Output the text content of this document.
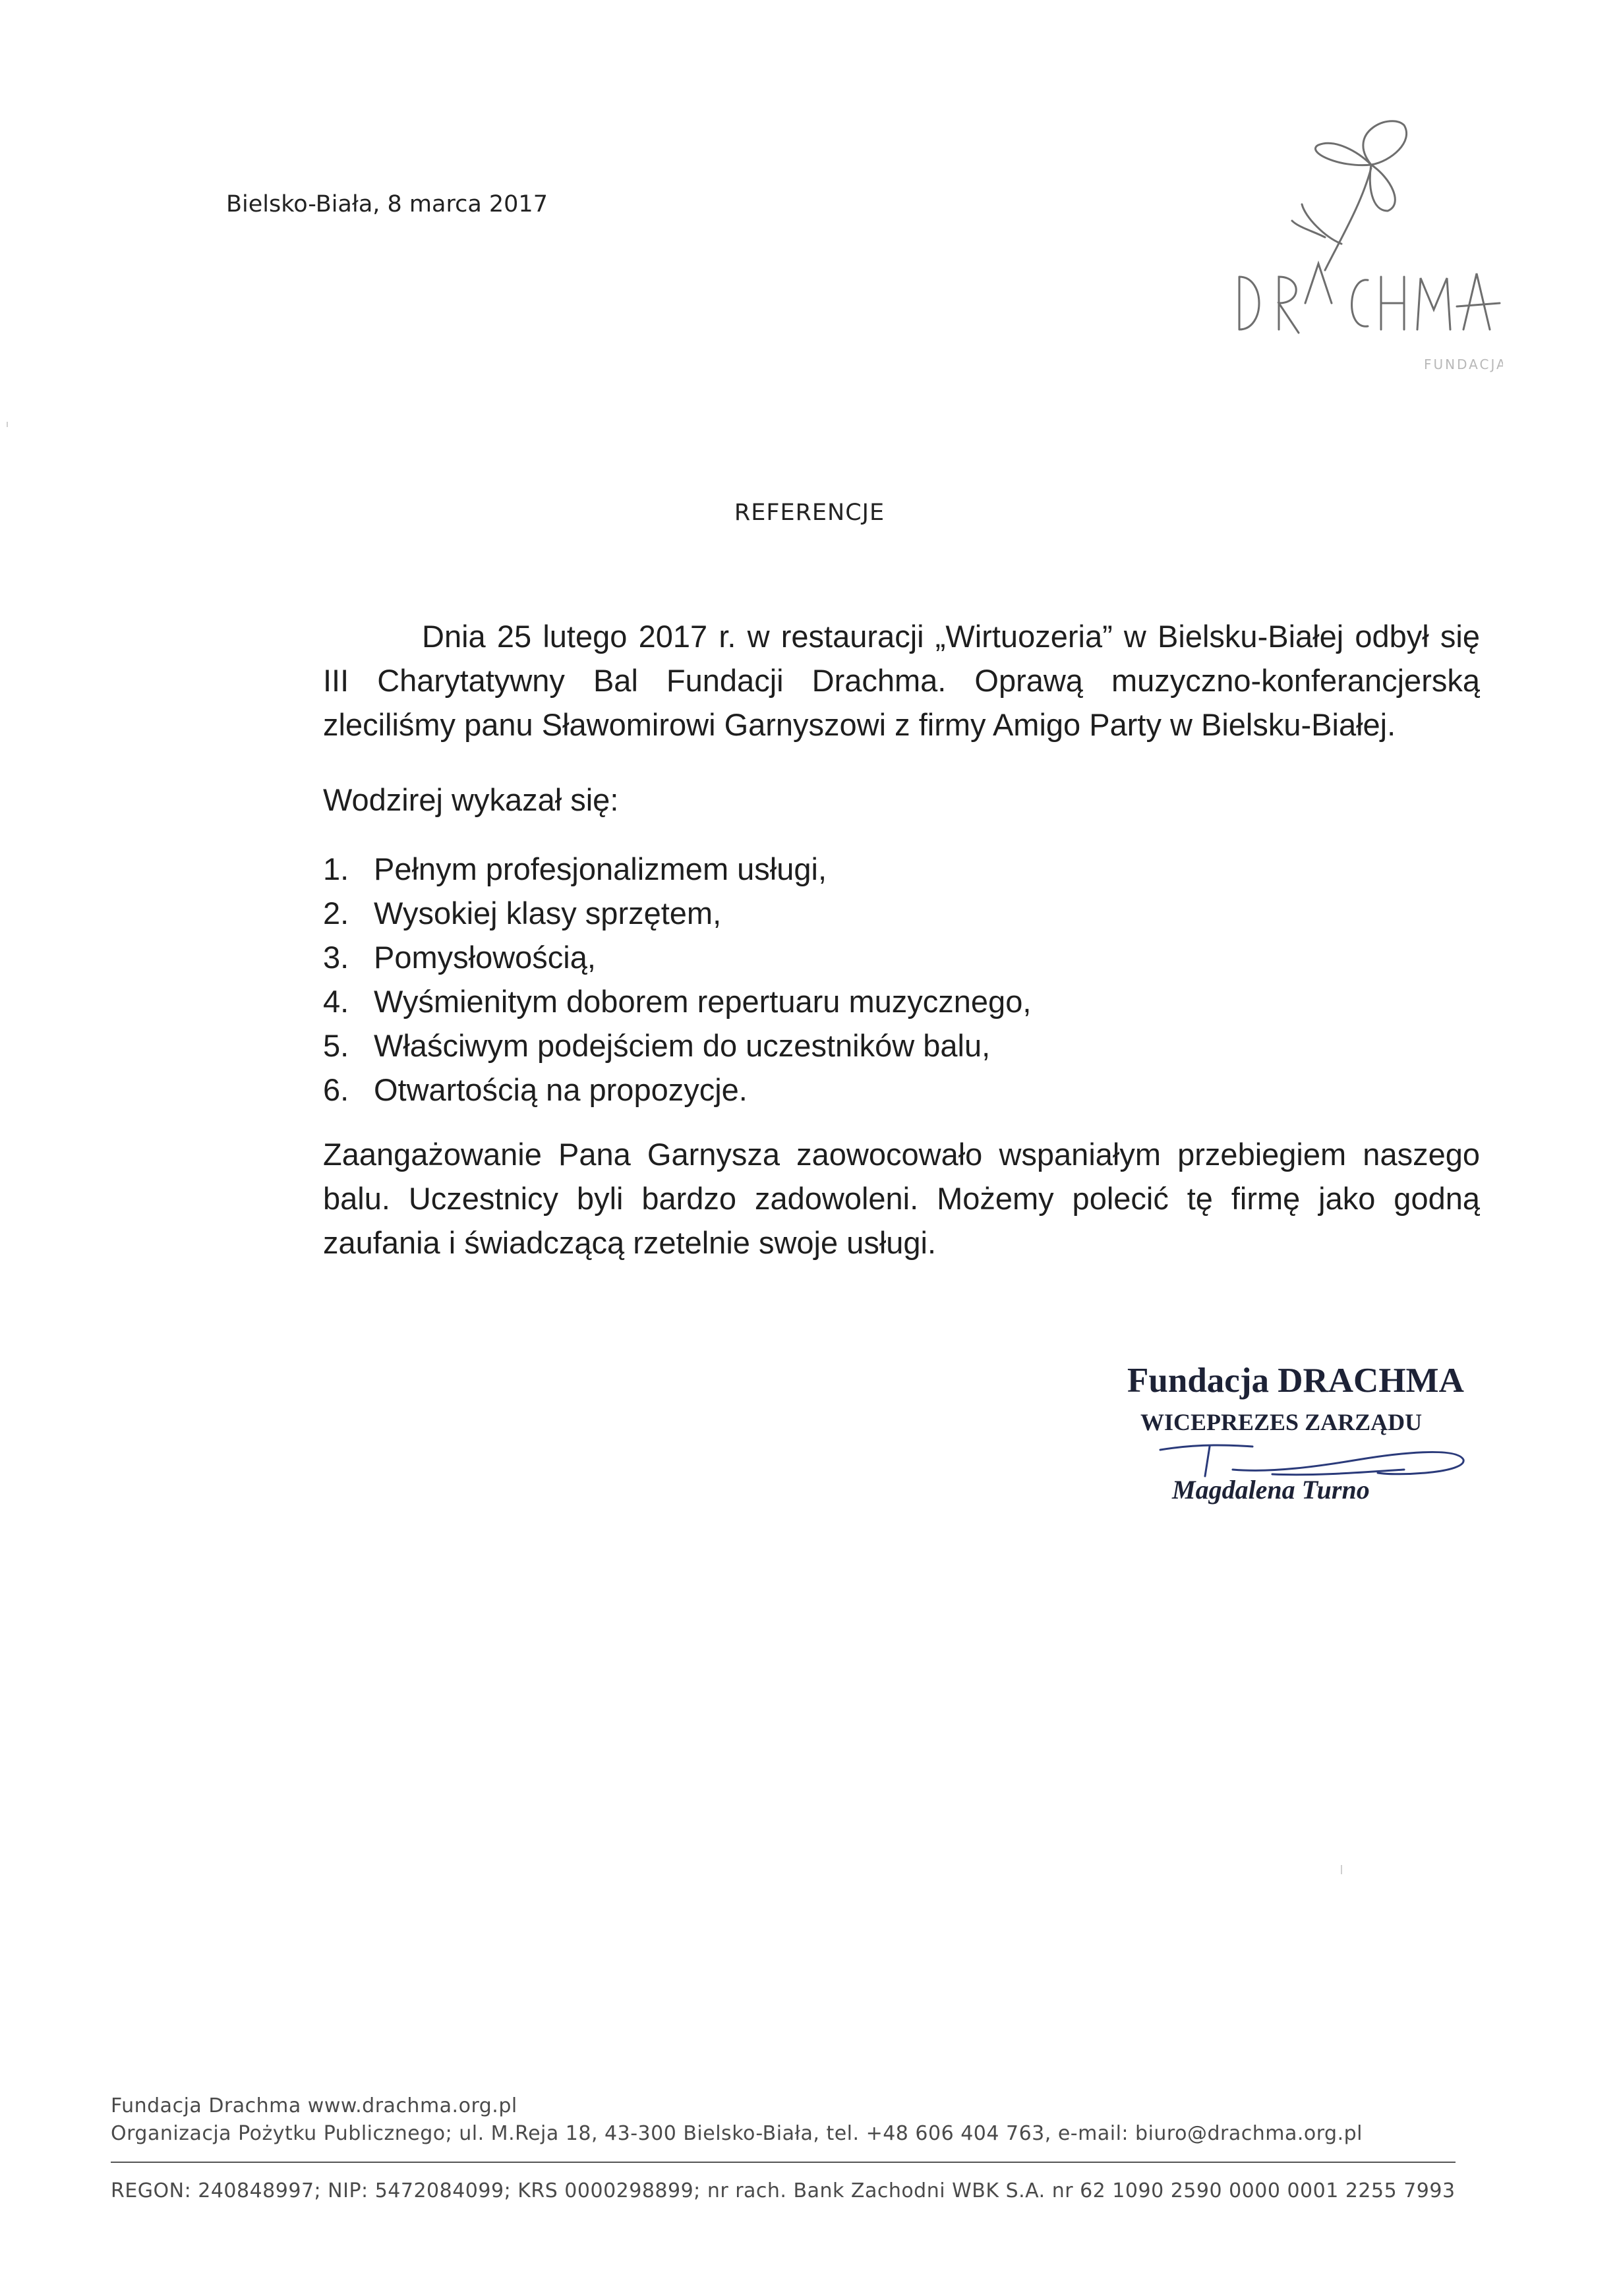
Bielsko-Biała, 8 marca 2017
FUNDACJA
REFERENCJE
Dnia 25 lutego 2017 r. w restauracji „Wirtuozeria” w Bielsku-Białej odbył się III Charytatywny Bal Fundacji Drachma. Oprawą muzyczno-konferancjerską zleciliśmy panu Sławomirowi Garnyszowi z firmy Amigo Party w Bielsku-Białej.
Wodzirej wykazał się:
1. Pełnym profesjonalizmem usługi,
2. Wysokiej klasy sprzętem,
3. Pomysłowością,
4. Wyśmienitym doborem repertuaru muzycznego,
5. Właściwym podejściem do uczestników balu,
6. Otwartością na propozycje.
Zaangażowanie Pana Garnysza zaowocowało wspaniałym przebiegiem naszego balu. Uczestnicy byli bardzo zadowoleni. Możemy polecić tę firmę jako godną zaufania i świadczącą rzetelnie swoje usługi.
Fundacja DRACHMA
WICEPREZES ZARZĄDU
Magdalena Turno
Fundacja Drachma www.drachma.org.pl
Organizacja Pożytku Publicznego; ul. M.Reja 18, 43-300 Bielsko-Biała, tel. +48 606 404 763, e-mail: biuro@drachma.org.pl
REGON: 240848997; NIP: 5472084099; KRS 0000298899; nr rach. Bank Zachodni WBK S.A. nr 62 1090 2590 0000 0001 2255 7993
